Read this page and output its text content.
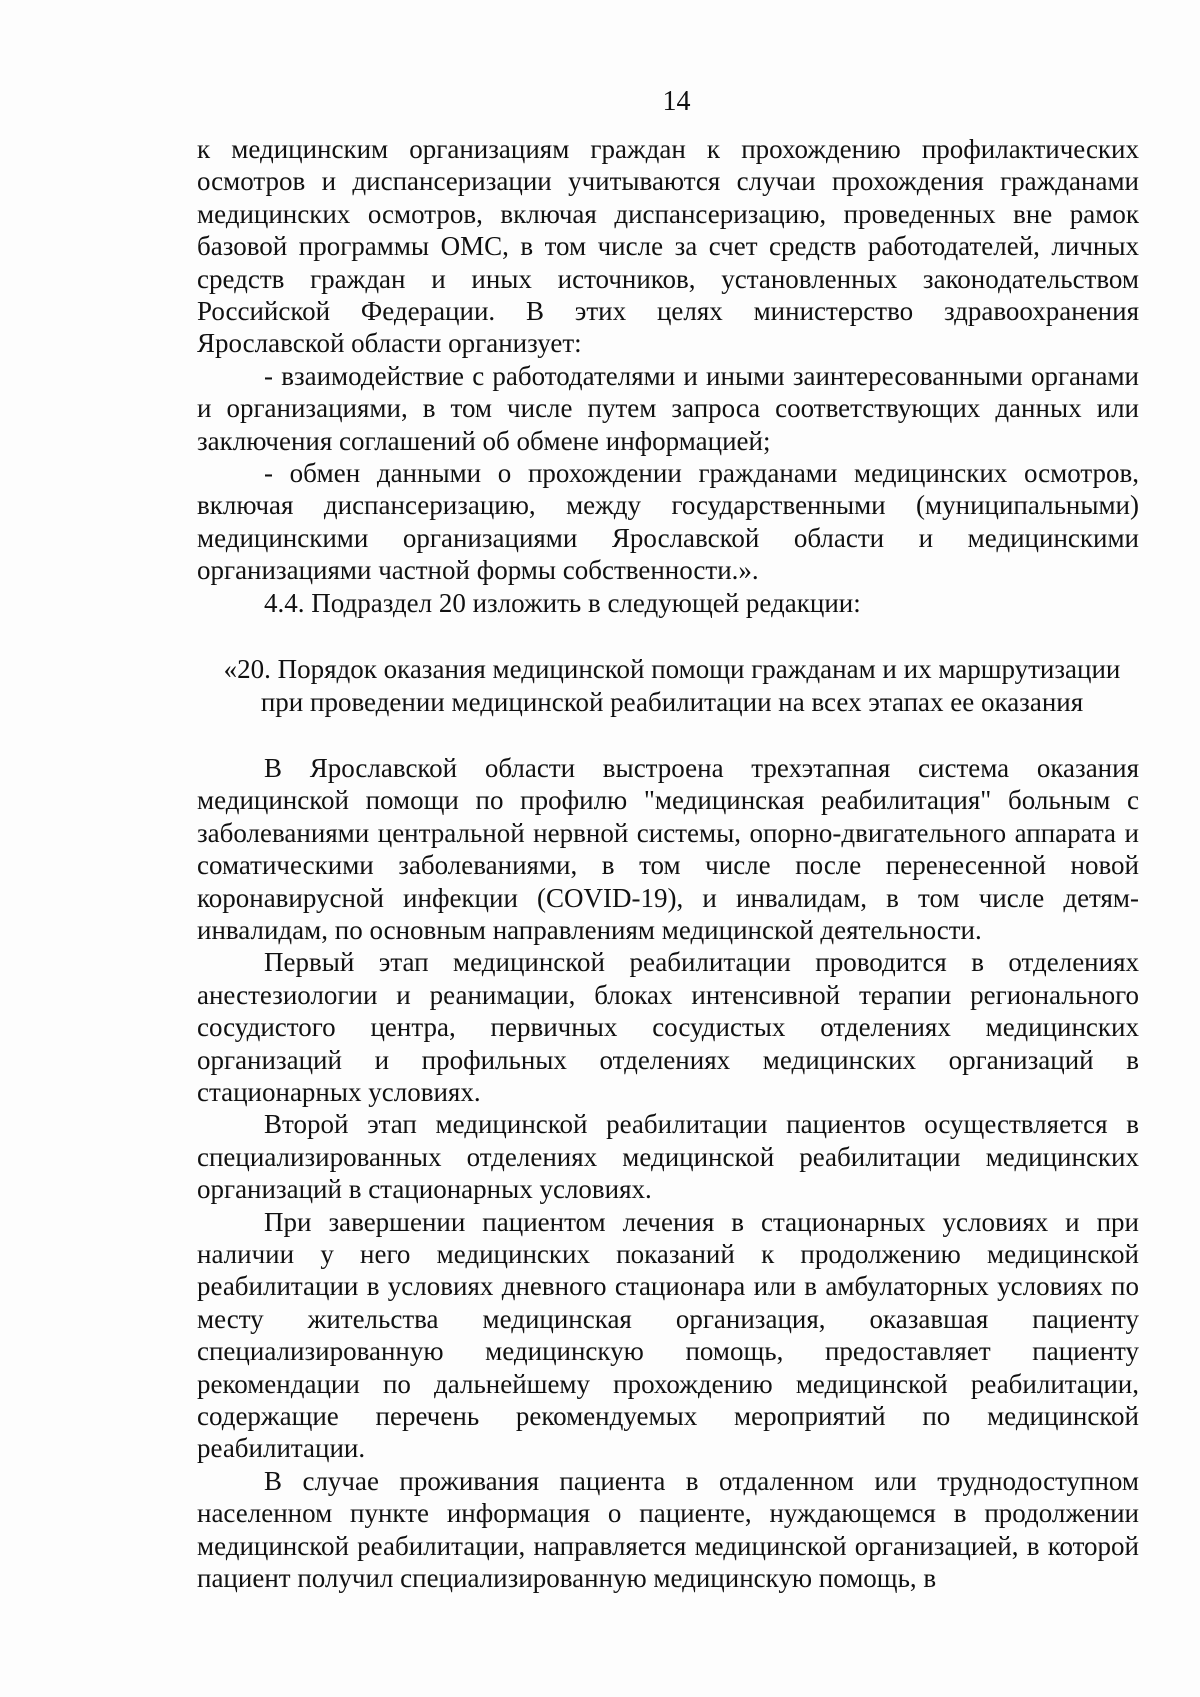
14

к медицинским организациям граждан к прохождению профилактических осмотров и диспансеризации учитываются случаи прохождения гражданами медицинских осмотров, включая диспансеризацию, проведенных вне рамок базовой программы ОМС, в том числе за счет средств работодателей, личных средств граждан и иных источников, установленных законодательством Российской Федерации. В этих целях министерство здравоохранения Ярославской области организует:

- взаимодействие с работодателями и иными заинтересованными органами и организациями, в том числе путем запроса соответствующих данных или заключения соглашений об обмене информацией;

- обмен данными о прохождении гражданами медицинских осмотров, включая диспансеризацию, между государственными (муниципальными) медицинскими организациями Ярославской области и медицинскими организациями частной формы собственности.».

4.4. Подраздел 20 изложить в следующей редакции:

«20. Порядок оказания медицинской помощи гражданам и их маршрутизации
при проведении медицинской реабилитации на всех этапах ее оказания

В Ярославской области выстроена трехэтапная система оказания медицинской помощи по профилю "медицинская реабилитация" больным с заболеваниями центральной нервной системы, опорно-двигательного аппарата и соматическими заболеваниями, в том числе после перенесенной новой коронавирусной инфекции (COVID-19), и инвалидам, в том числе детям-инвалидам, по основным направлениям медицинской деятельности.

Первый этап медицинской реабилитации проводится в отделениях анестезиологии и реанимации, блоках интенсивной терапии регионального сосудистого центра, первичных сосудистых отделениях медицинских организаций и профильных отделениях медицинских организаций в стационарных условиях.

Второй этап медицинской реабилитации пациентов осуществляется в специализированных отделениях медицинской реабилитации медицинских организаций в стационарных условиях.

При завершении пациентом лечения в стационарных условиях и при наличии у него медицинских показаний к продолжению медицинской реабилитации в условиях дневного стационара или в амбулаторных условиях по месту жительства медицинская организация, оказавшая пациенту специализированную медицинскую помощь, предоставляет пациенту рекомендации по дальнейшему прохождению медицинской реабилитации, содержащие перечень рекомендуемых мероприятий по медицинской реабилитации.

В случае проживания пациента в отдаленном или труднодоступном населенном пункте информация о пациенте, нуждающемся в продолжении медицинской реабилитации, направляется медицинской организацией, в которой пациент получил специализированную медицинскую помощь, в
